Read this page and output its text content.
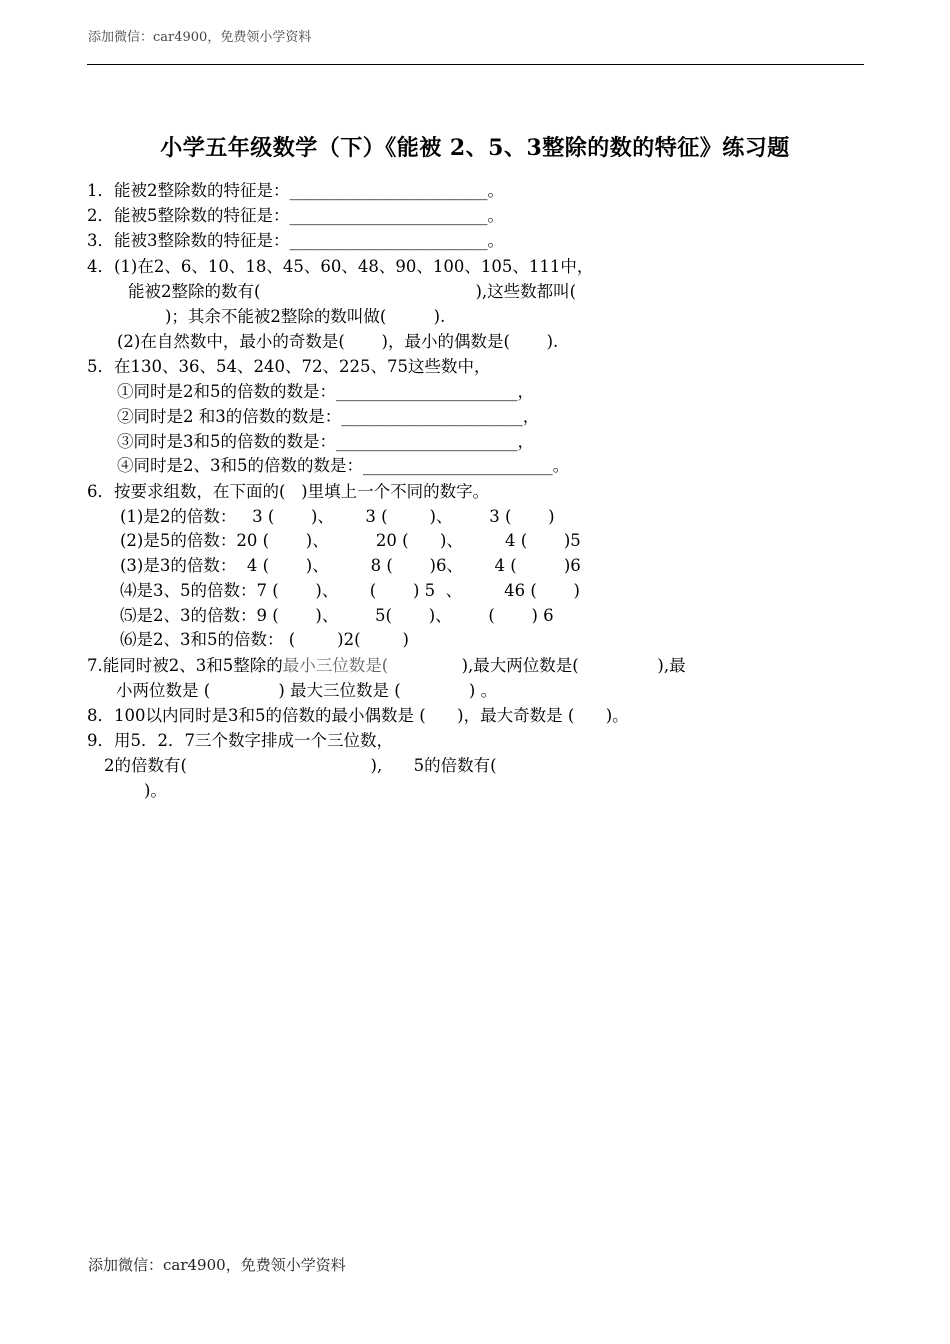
添加微信：car4900，免费领小学资料
小学五年级数学（下）《能被 2、5、3整除的数的特征》练习题
1．能被2整除数的特征是：________________________。
2．能被5整除数的特征是：________________________。
3．能被3整除数的特征是：________________________。
4．(1)在2、6、10、18、45、60、48、90、100、105、111中，
能被2整除的数有(                                         ),这些数都叫(
)；其余不能被2整除的数叫做(         ).
(2)在自然数中，最小的奇数是(       )，最小的偶数是(       ).
5．在130、36、54、240、72、225、75这些数中，
①同时是2和5的倍数的数是：______________________，
②同时是2 和3的倍数的数是：______________________，
③同时是3和5的倍数的数是：______________________，
④同时是2、3和5的倍数的数是：_______________________。
6．按要求组数，在下面的(   )里填上一个不同的数字。
(1)是2的倍数：   3 (       )、      3 (        )、       3 (       )
(2)是5的倍数：20 (       )、         20 (      )、        4 (       )5
(3)是3的倍数：  4 (       )、        8 (       )6、      4 (         )6
⑷是3、5的倍数：7 (       )、      (       ) 5  、        46 (       )
⑸是2、3的倍数：9 (       )、       5(       )、       (       ) 6
⑹是2、3和5的倍数： (        )2(        )
7.能同时被2、3和5整除的最小三位数是(              ),最大两位数是(               ),最
小两位数是 (             ) 最大三位数是 (             ) 。
8．100以内同时是3和5的倍数的最小偶数是 (      )，最大奇数是 (      )。
9．用5．2．7三个数字排成一个三位数，
2的倍数有(                                   ),      5的倍数有(
)。
添加微信：car4900，免费领小学资料
